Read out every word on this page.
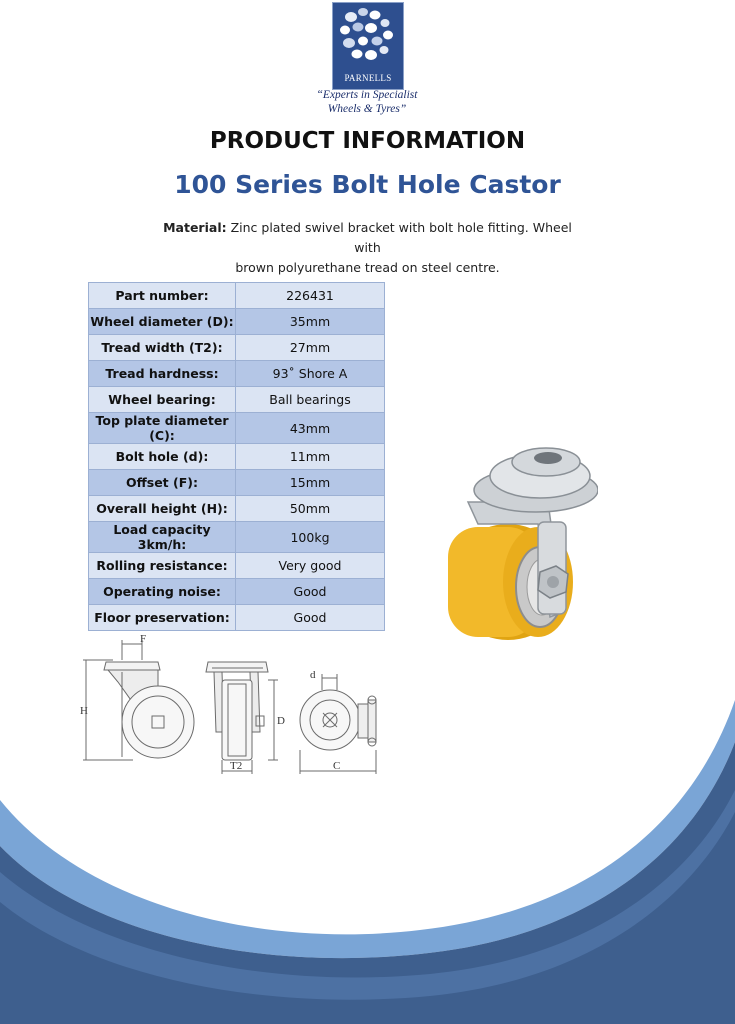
PARNELLS
“Experts in Specialist
Wheels & Tyres”
PRODUCT INFORMATION
100 Series Bolt Hole Castor
Material: Zinc plated swivel bracket with bolt hole fitting. Wheel with
brown polyurethane tread on steel centre.
Part number:	226431
Wheel diameter (D):	35mm
Tread width (T2):	27mm
Tread hardness:	93˚ Shore A
Wheel bearing:	Ball bearings
Top plate diameter (C):	43mm
Bolt hole (d):	11mm
Offset (F):	15mm
Overall height (H):	50mm
Load capacity 3km/h:	100kg
Rolling resistance:	Very good
Operating noise:	Good
Floor preservation:	Good
F
H
D
T2
d
C
